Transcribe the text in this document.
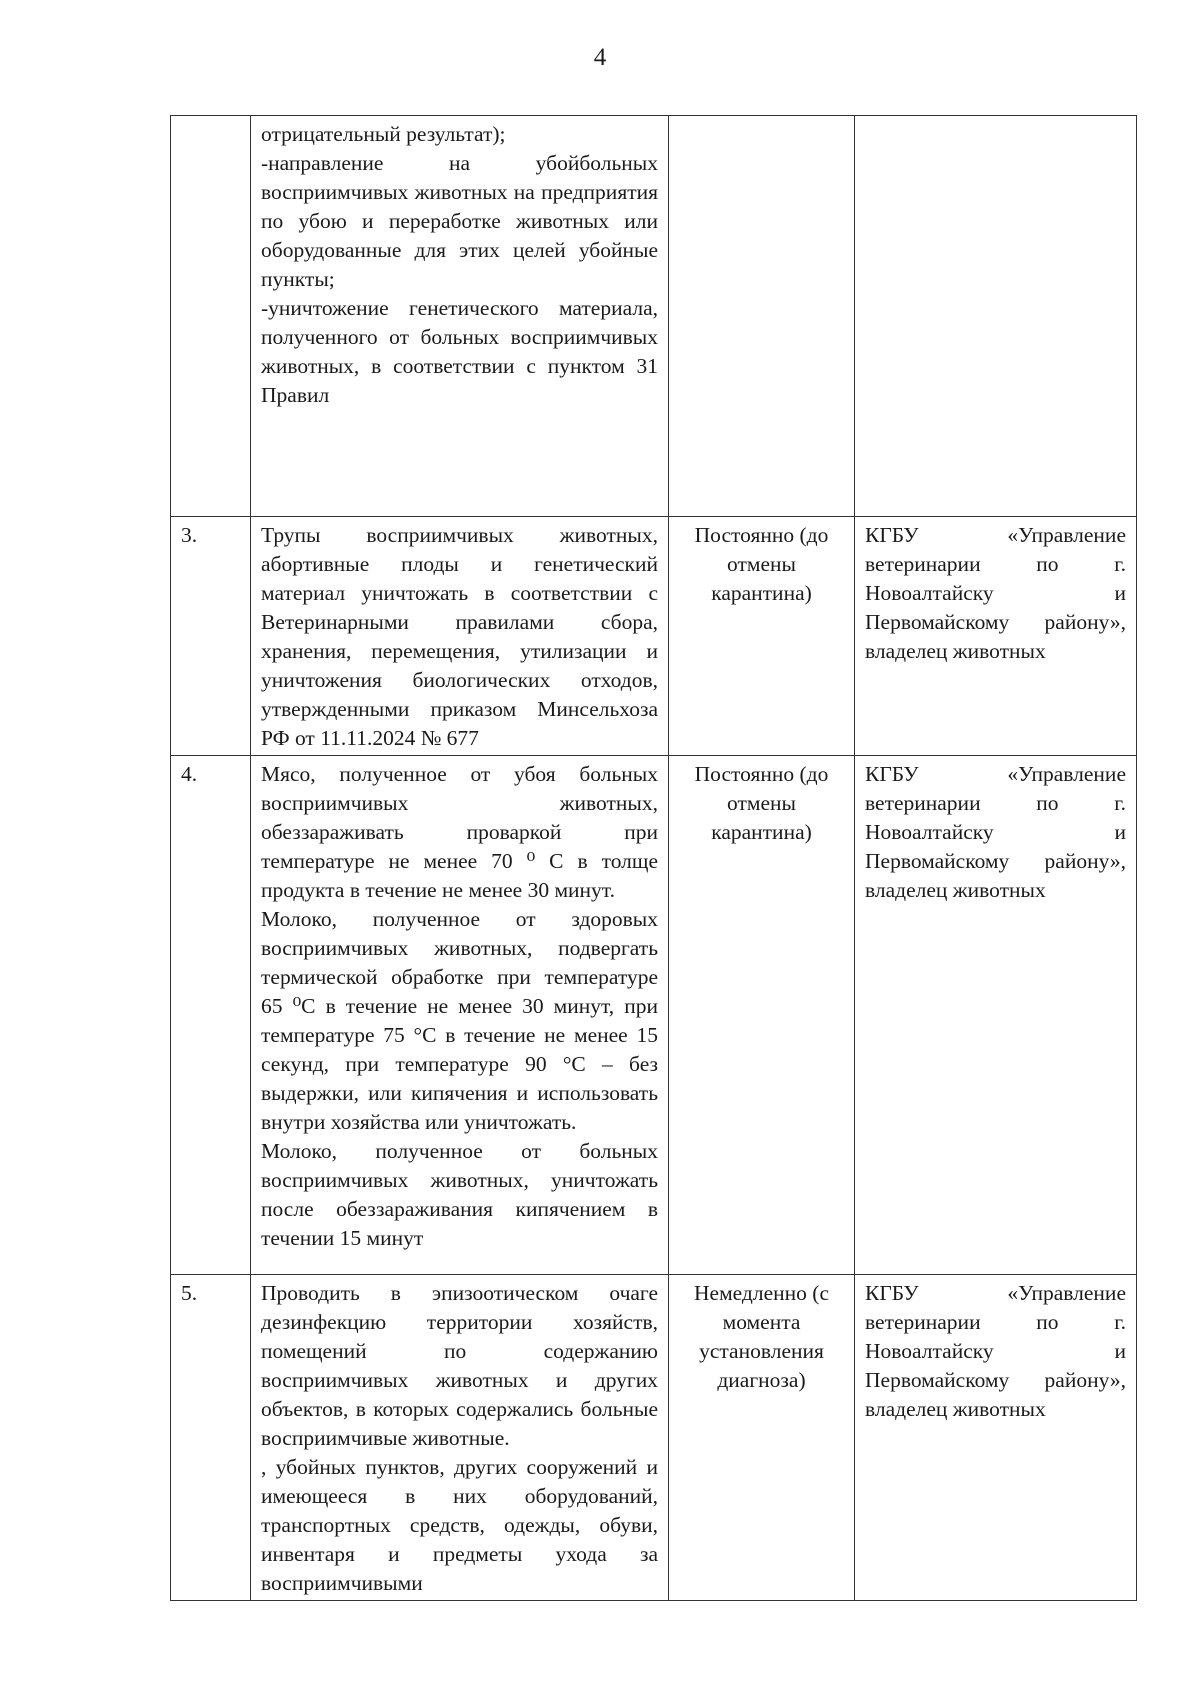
4

	отрицательный результат);

-направление на убойбольных восприимчивых животных на предприятия по убою и переработке животных или оборудованные для этих целей убойные пункты;

-уничтожение генетического материала, полученного от больных восприимчивых животных, в соответствии с пунктом 31 Правил		

3.	Трупы восприимчивых животных, абортивные плоды и генетический материал уничтожать в соответствии с Ветеринарными правилами сбора, хранения, перемещения, утилизации и уничтожения биологических отходов, утвержденными приказом Минсельхоза РФ от 11.11.2024 № 677	Постоянно (до отмены карантина)	КГБУ «Управление ветеринарии по г. Новоалтайску и Первомайскому району», владелец животных
4.	Мясо, полученное от убоя больных восприимчивых животных, обеззараживать проваркой при температуре не менее 70 ⁰ С в толще продукта в течение не менее 30 минут.

Молоко, полученное от здоровых восприимчивых животных, подвергать термической обработке при температуре 65 ⁰С в течение не менее 30 минут, при температуре 75 °С в течение не менее 15 секунд, при температуре 90 °С – без выдержки, или кипячения и использовать внутри хозяйства или уничтожать.

Молоко, полученное от больных восприимчивых животных, уничтожать после обеззараживания кипячением в течении 15 минут	Постоянно (до отмены карантина)	КГБУ «Управление ветеринарии по г. Новоалтайску и Первомайскому району», владелец животных
5.	Проводить в эпизоотическом очаге дезинфекцию территории хозяйств, помещений по содержанию восприимчивых животных и других объектов, в которых содержались больные восприимчивые животные.

, убойных пунктов, других сооружений и имеющееся в них оборудований, транспортных средств, одежды, обуви, инвентаря и предметы ухода за восприимчивыми	Немедленно (с момента установления диагноза)	КГБУ «Управление ветеринарии по г. Новоалтайску и Первомайскому району», владелец животных
